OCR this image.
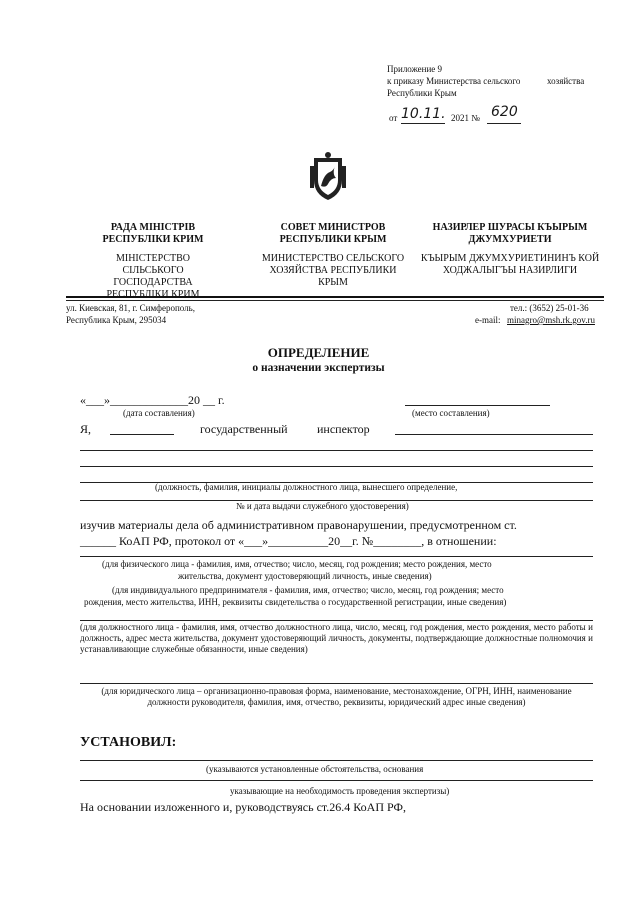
Приложение 9
к приказу Министерства сельского	хозяйства
Республики Крым
от 10.11. 2021 № 620
РАДА МІНІСТРІВ РЕСПУБЛІКИ КРИМ
МІНІСТЕРСТВО СІЛЬСЬКОГО ГОСПОДАРСТВА РЕСПУБЛІКИ КРИМ
СОВЕТ МИНИСТРОВ РЕСПУБЛИКИ КРЫМ
МИНИСТЕРСТВО СЕЛЬСКОГО ХОЗЯЙСТВА РЕСПУБЛИКИ КРЫМ
НАЗИРЛЕР ШУРАСЫ КЪЫРЫМ ДЖУМХУРИЕТИ
КЪЫРЫМ ДЖУМХУРИЕТИНИНЪ КОЙ ХОДЖАЛЫГЪЫ НАЗИРЛИГИ
ул. Киевская, 81, г. Симферополь,
Республика Крым, 295034
тел.: (3652) 25-01-36
e-mail: minagro@msh.rk.gov.ru
ОПРЕДЕЛЕНИЕ
о назначении экспертизы
«___»_____________20 __ г.
(дата составления)	(место составления)
Я,	государственный инспектор
(должность, фамилия, инициалы должностного лица, вынесшего определение,
№ и дата выдачи служебного удостоверения)
изучив материалы дела об административном правонарушении, предусмотренном ст.
______ КоАП РФ, протокол от «___»__________20__г. №________, в отношении:
(для физического лица - фамилия, имя, отчество; число, месяц, год рождения; место рождения, место
жительства, документ удостоверяющий личность, иные сведения)
(для индивидуального предпринимателя - фамилия, имя, отчество; число, месяц, год рождения; место
рождения, место жительства, ИНН, реквизиты свидетельства о государственной регистрации, иные сведения)
(для должностного лица - фамилия, имя, отчество должностного лица, число, месяц, год рождения, место рождения, место работы и должность, адрес места жительства, документ удостоверяющий личность, документы, подтверждающие должностные полномочия и устанавливающие служебные обязанности, иные сведения)
(для юридического лица – организационно-правовая форма, наименование, местонахождение, ОГРН, ИНН, наименование должности руководителя, фамилия, имя, отчество, реквизиты, юридический адрес иные сведения)
УСТАНОВИЛ:
(указываются установленные обстоятельства, основания
указывающие на необходимость проведения экспертизы)
На основании изложенного и, руководствуясь ст.26.4 КоАП РФ,
